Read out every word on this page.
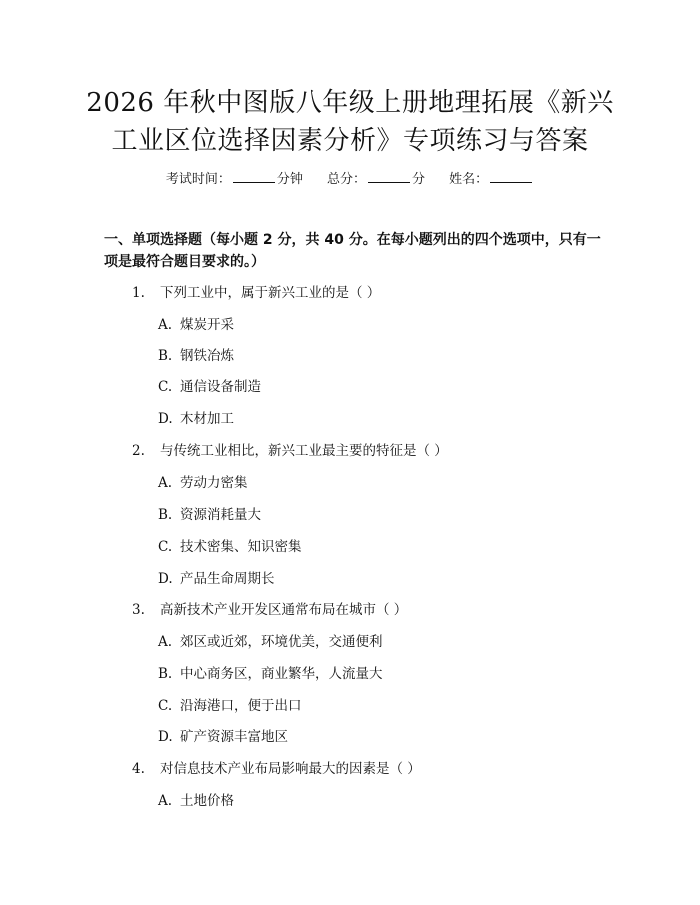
2026 年秋中图版八年级上册地理拓展《新兴
工业区位选择因素分析》专项练习与答案
考试时间：	分钟 总分：	分 姓名：
一、单项选择题（每小题 2 分，共 40 分。在每小题列出的四个选项中，只有一项是最符合题目要求的。）
1. 下列工业中，属于新兴工业的是（ ）
A. 煤炭开采
B. 钢铁冶炼
C. 通信设备制造
D. 木材加工
2. 与传统工业相比，新兴工业最主要的特征是（ ）
A. 劳动力密集
B. 资源消耗量大
C. 技术密集、知识密集
D. 产品生命周期长
3. 高新技术产业开发区通常布局在城市（ ）
A. 郊区或近郊，环境优美，交通便利
B. 中心商务区，商业繁华，人流量大
C. 沿海港口，便于出口
D. 矿产资源丰富地区
4. 对信息技术产业布局影响最大的因素是（ ）
A. 土地价格
